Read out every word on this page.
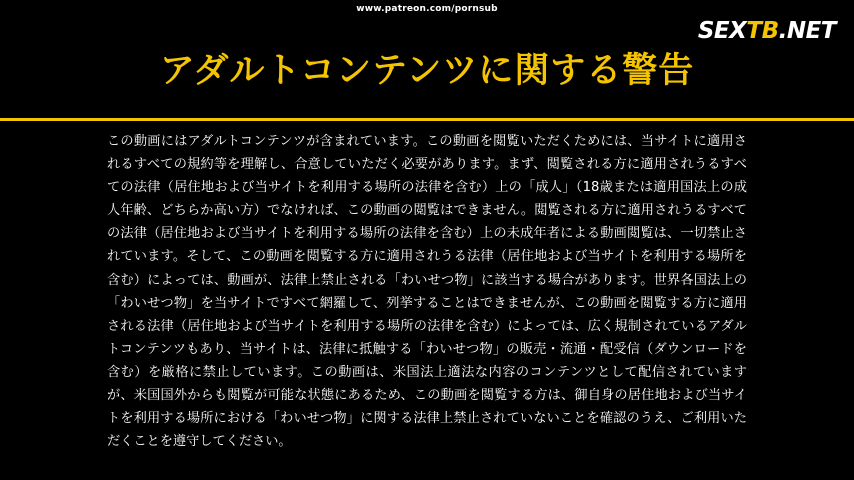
www.patreon.com/pornsub
SEXTB.NET
アダルトコンテンツに関する警告

この動画にはアダルトコンテンツが含まれています。この動画を閲覧いただくためには、当サイトに適用されるすべての規約等を理解し、合意していただく必要があります。まず、閲覧される方に適用されうるすべての法律（居住地および当サイトを利用する場所の法律を含む）上の「成人」（18歳または適用国法上の成人年齢、どちらか高い方）でなければ、この動画の閲覧はできません。閲覧される方に適用されうるすべての法律（居住地および当サイトを利用する場所の法律を含む）上の未成年者による動画閲覧は、一切禁止されています。そして、この動画を閲覧する方に適用されうる法律（居住地および当サイトを利用する場所を含む）によっては、動画が、法律上禁止される「わいせつ物」に該当する場合があります。世界各国法上の「わいせつ物」を当サイトですべて網羅して、列挙することはできませんが、この動画を閲覧する方に適用される法律（居住地および当サイトを利用する場所の法律を含む）によっては、広く規制されているアダルトコンテンツもあり、当サイトは、法律に抵触する「わいせつ物」の販売・流通・配受信（ダウンロードを含む）を厳格に禁止しています。この動画は、米国法上適法な内容のコンテンツとして配信されていますが、米国国外からも閲覧が可能な状態にあるため、この動画を閲覧する方は、御自身の居住地および当サイトを利用する場所における「わいせつ物」に関する法律上禁止されていないことを確認のうえ、ご利用いただくことを遵守してください。
